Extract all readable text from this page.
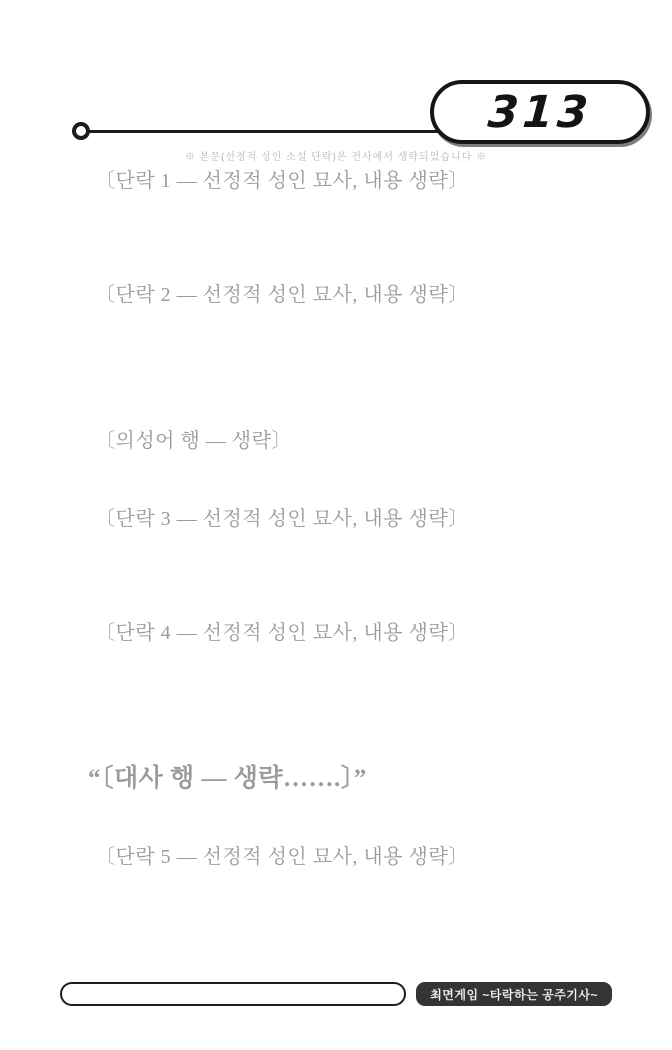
313
※ 본문(선정적 성인 소설 단락)은 전사에서 생략되었습니다 ※
〔단락 1 — 선정적 성인 묘사, 내용 생략〕
〔단락 2 — 선정적 성인 묘사, 내용 생략〕
〔의성어 행 — 생략〕
〔단락 3 — 선정적 성인 묘사, 내용 생략〕
〔단락 4 — 선정적 성인 묘사, 내용 생략〕
“〔대사 행 — 생략…….〕”
〔단락 5 — 선정적 성인 묘사, 내용 생략〕
최면게임 ~타락하는 공주기사~
